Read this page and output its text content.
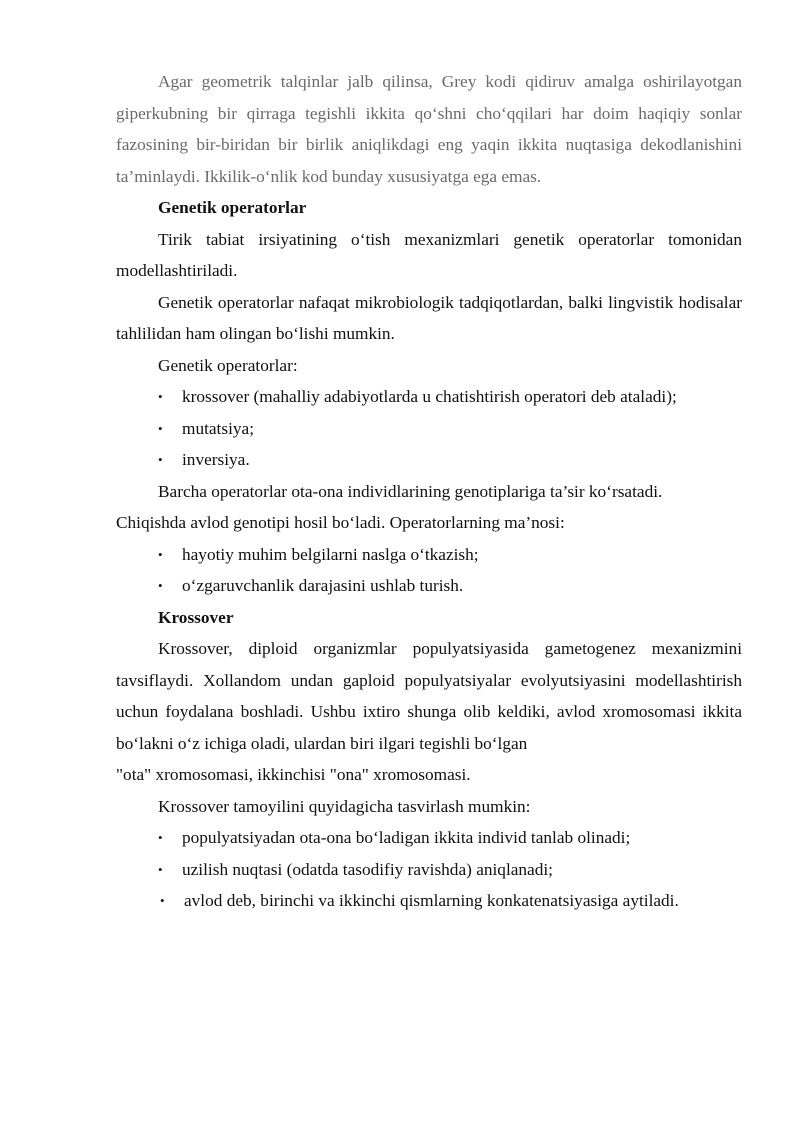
Agar geometrik talqinlar jalb qilinsa, Grey kodi qidiruv amalga oshirilayotgan giperkubning bir qirraga tegishli ikkita qo‘shni cho‘qqilari har doim haqiqiy sonlar fazosining bir-biridan bir birlik aniqlikdagi eng yaqin ikkita nuqtasiga dekodlanishini ta’minlaydi. Ikkilik-o‘nlik kod bunday xususiyatga ega emas.

Genetik operatorlar

Tirik tabiat irsiyatining o‘tish mexanizmlari genetik operatorlar tomonidan modellashtiriladi.

Genetik operatorlar nafaqat mikrobiologik tadqiqotlardan, balki lingvistik hodisalar tahlilidan ham olingan bo‘lishi mumkin.

Genetik operatorlar:

• krossover (mahalliy adabiyotlarda u chatishtirish operatori deb ataladi);
• mutatsiya;
• inversiya.

Barcha operatorlar ota-ona individlarining genotiplariga ta’sir ko‘rsatadi.

Chiqishda avlod genotipi hosil bo‘ladi. Operatorlarning ma’nosi:

• hayotiy muhim belgilarni naslga o‘tkazish;
• o‘zgaruvchanlik darajasini ushlab turish.

Krossover

Krossover, diploid organizmlar populyatsiyasida gametogenez mexanizmini tavsiflaydi. Xollandom undan gaploid populyatsiyalar evolyutsiyasini modellashtirish uchun foydalana boshladi. Ushbu ixtiro shunga olib keldiki, avlod xromosomasi ikkita bo‘lakni o‘z ichiga oladi, ulardan biri ilgari tegishli bo‘lgan

"ota" xromosomasi, ikkinchisi "ona" xromosomasi.

Krossover tamoyilini quyidagicha tasvirlash mumkin:

• populyatsiyadan ota-ona bo‘ladigan ikkita individ tanlab olinadi;
• uzilish nuqtasi (odatda tasodifiy ravishda) aniqlanadi;
• avlod deb, birinchi va ikkinchi qismlarning konkatenatsiyasiga aytiladi.
